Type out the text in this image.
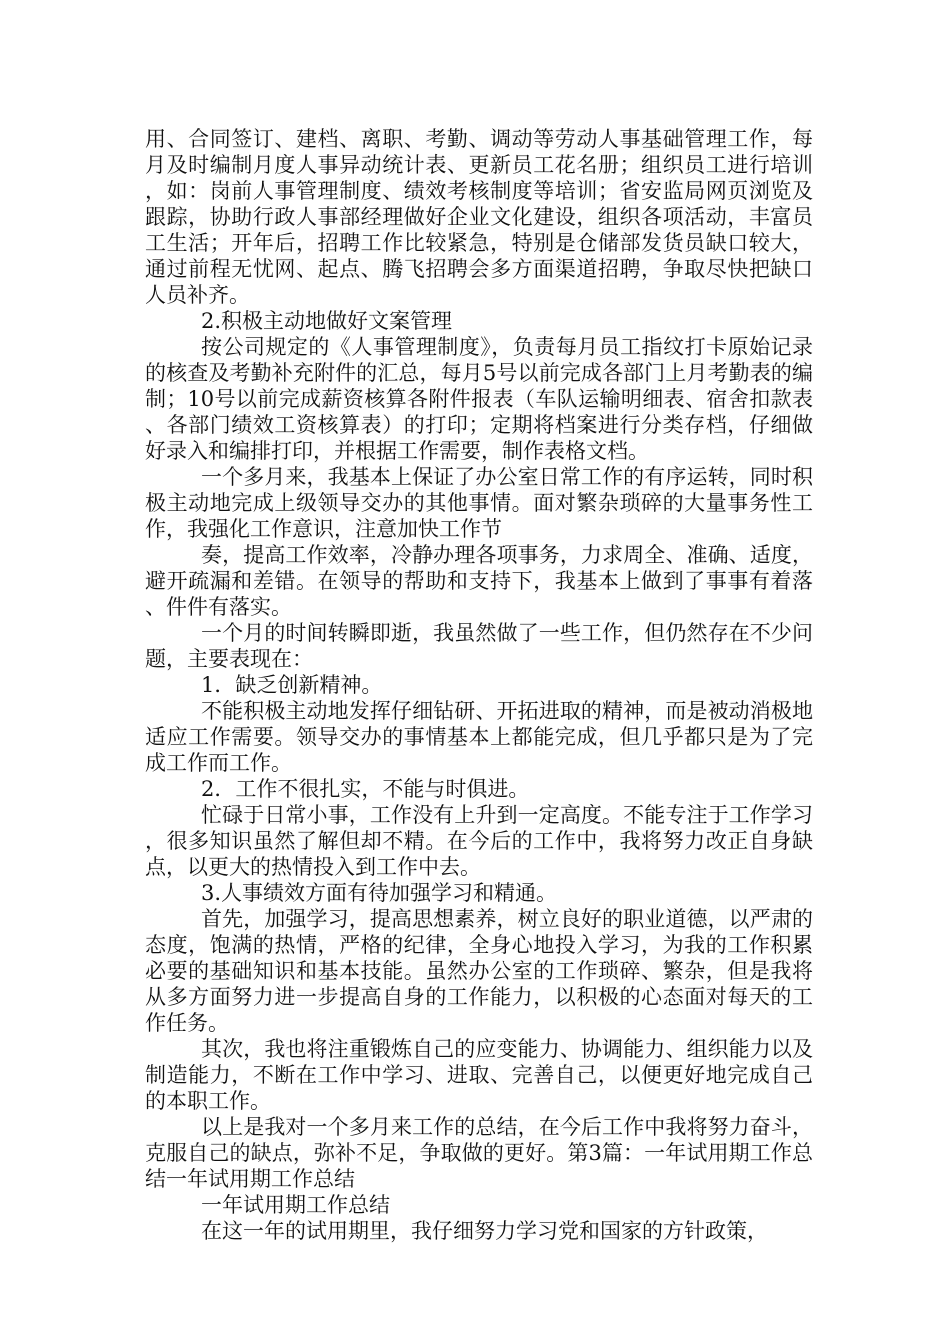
用、合同签订、建档、离职、考勤、调动等劳动人事基础管理工作，每月及时编制月度人事异动统计表、更新员工花名册；组织员工进行培训，如：岗前人事管理制度、绩效考核制度等培训；省安监局网页浏览及跟踪，协助行政人事部经理做好企业文化建设，组织各项活动，丰富员工生活；开年后，招聘工作比较紧急，特别是仓储部发货员缺口较大，通过前程无忧网、起点、腾飞招聘会多方面渠道招聘，争取尽快把缺口人员补齐。

2.积极主动地做好文案管理

按公司规定的《人事管理制度》，负责每月员工指纹打卡原始记录的核查及考勤补充附件的汇总，每月5号以前完成各部门上月考勤表的编制；10号以前完成薪资核算各附件报表（车队运输明细表、宿舍扣款表、各部门绩效工资核算表）的打印；定期将档案进行分类存档，仔细做好录入和编排打印，并根据工作需要，制作表格文档。

一个多月来，我基本上保证了办公室日常工作的有序运转，同时积极主动地完成上级领导交办的其他事情。面对繁杂琐碎的大量事务性工作，我强化工作意识，注意加快工作节

奏，提高工作效率，冷静办理各项事务，力求周全、准确、适度，避开疏漏和差错。在领导的帮助和支持下，我基本上做到了事事有着落、件件有落实。

一个月的时间转瞬即逝，我虽然做了一些工作，但仍然存在不少问题，主要表现在：

1．缺乏创新精神。

不能积极主动地发挥仔细钻研、开拓进取的精神，而是被动消极地适应工作需要。领导交办的事情基本上都能完成，但几乎都只是为了完成工作而工作。

2．工作不很扎实，不能与时俱进。

忙碌于日常小事，工作没有上升到一定高度。不能专注于工作学习，很多知识虽然了解但却不精。在今后的工作中，我将努力改正自身缺点，以更大的热情投入到工作中去。

3.人事绩效方面有待加强学习和精通。

首先，加强学习，提高思想素养，树立良好的职业道德，以严肃的态度，饱满的热情，严格的纪律，全身心地投入学习，为我的工作积累必要的基础知识和基本技能。虽然办公室的工作琐碎、繁杂，但是我将从多方面努力进一步提高自身的工作能力，以积极的心态面对每天的工作任务。

其次，我也将注重锻炼自己的应变能力、协调能力、组织能力以及制造能力，不断在工作中学习、进取、完善自己，以便更好地完成自己的本职工作。

以上是我对一个多月来工作的总结，在今后工作中我将努力奋斗，克服自己的缺点，弥补不足，争取做的更好。第3篇：一年试用期工作总结一年试用期工作总结

一年试用期工作总结

在这一年的试用期里，我仔细努力学习党和国家的方针政策，
